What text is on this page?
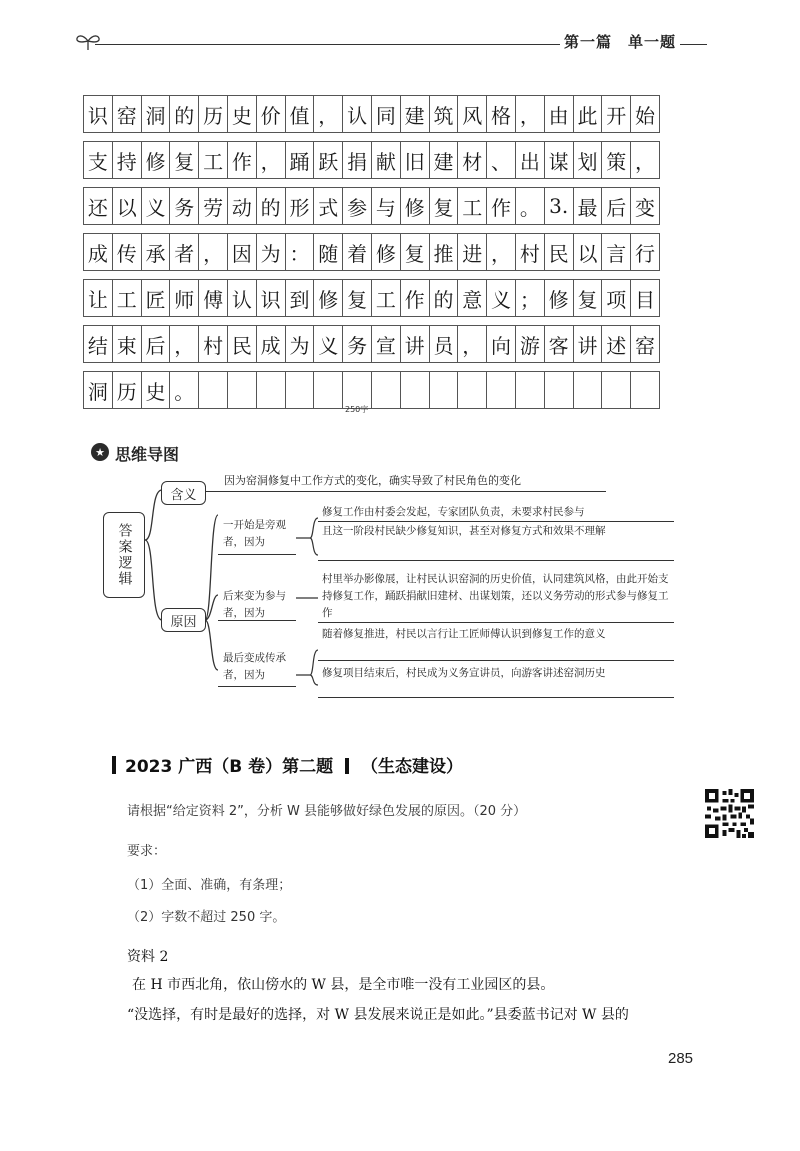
第一篇　单一题
识 窑 洞 的 历 史 价 值 ， 认 同 建 筑 风 格 ， 由 此 开 始
支 持 修 复 工 作 ， 踊 跃 捐 献 旧 建 材 、 出 谋 划 策 ，
还 以 义 务 劳 动 的 形 式 参 与 修 复 工 作 。 3. 最 后 变
成 传 承 者 ， 因 为 ： 随 着 修 复 推 进 ， 村 民 以 言 行
让 工 匠 师 傅 认 识 到 修 复 工 作 的 意 义 ； 修 复 项 目
结 束 后 ， 村 民 成 为 义 务 宣 讲 员 ， 向 游 客 讲 述 窑
洞 历 史 。
250字
★ 思维导图
答案逻辑
含义
因为窑洞修复中工作方式的变化，确实导致了村民角色的变化
原因
一开始是旁观者，因为
修复工作由村委会发起，专家团队负责，未要求村民参与
且这一阶段村民缺少修复知识，甚至对修复方式和效果不理解
后来变为参与者，因为
村里举办影像展，让村民认识窑洞的历史价值，认同建筑风格，由此开始支持修复工作，踊跃捐献旧建材、出谋划策，还以义务劳动的形式参与修复工作
最后变成传承者，因为
随着修复推进，村民以言行让工匠师傅认识到修复工作的意义
修复项目结束后，村民成为义务宣讲员，向游客讲述窑洞历史
2023 广西（B 卷）第二题 （生态建设）
请根据“给定资料 2”，分析 W 县能够做好绿色发展的原因。（20 分）
要求：
（1）全面、准确，有条理；
（2）字数不超过 250 字。
资料 2
在 H 市西北角，依山傍水的 W 县，是全市唯一没有工业园区的县。
“没选择，有时是最好的选择，对 W 县发展来说正是如此。”县委蓝书记对 W 县的
285
